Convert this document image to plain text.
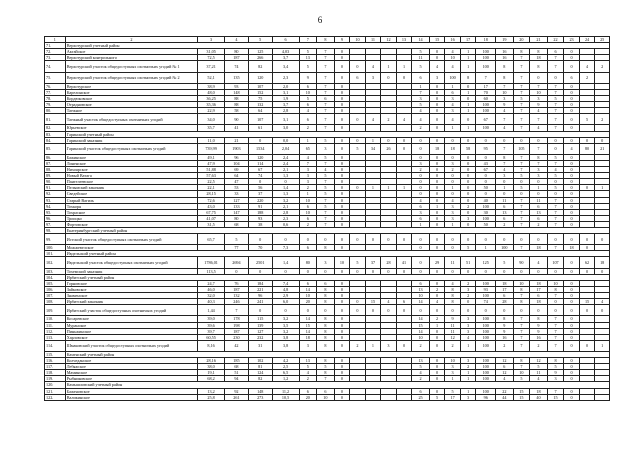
6
1	2	3	4	5	6	7	8	9	10	11	12	13	14	15	16	17	18	19	20	21	22	23	24	25
71.	Верхотурский учетный район																							
72.	Актайское	31,05	80	125	4,03	5	7	0					5	0	4	1	100	16	8	8	6	0		
73.	Верхотурский контрольного	72,5	187	266	3,7	13	7	0					11	0	10	1	100	16	7	18	7	0		
74.	Верхотурский участок общедоступных охотничьих угодий № 1	37,21	74	82	3,4	5	7	0	0	4	1	1	5	4	4	1	100	8	7	8	7	0	4	2
75.	Верхотурский участок общедоступных охотничьих угодий № 2	52,1	135	120	2,3	9	7	0	6	3	0	0	6	3	100	8	7	8	7	0	0	6	2	
76.	Верхотурское	38,9	93	107	2,0	6	7	0					1	0	1	0	17	7	7	7	7	0		
77.	Карелинское	48,0	148	152	3,1	10	7	0					7	0	6	1	70	10	7	10	7	0		
78.	Кордюковское	36,25	88	75	1,9	5	6	0					3	0	3	0	60	3	5	3	5	0		
79.	Отрадновское	35,36	88	132	3,7	6	7	0					5	0	4	1	100	9	7	9	7	0		
80.	Таежное	22,9	58	64	2,8	4	7	0					4	0	3	1	100	4	7	4	7	0		
81.	Таежный участок общедоступных охотничьих угодий	34,0	90	107	3,1	6	7	0	0	4	2	4	4	0	4	0	67	7	7	7	7	0	5	2
82.	Юрьевское	35,7	41	61	3,0	2	7	0					2	0	1	1	100	4	7	4	7	0		
83.	Гаринский учетный район																							
84.	Гаринский заказник	11,0	21	0	0,0	1	5	0	0	1	0	0	0	0	0	0	0	0	0	0	0	0	0	0
85.	Гаринский участок общедоступных охотничьих угодий	739,99	1903	1534	2,04	65	3	0	5	34	26	0	0	18	18	58	95	7	105	7	0	4	80	21
86.	Бажинское	49,1	96	120	2,4	4	5	0					0	0	0	0	0	8	7	8	5	0		
87.	Линенское	47,9	104	114	2,4	7	7	0					3	0	3	0	43	7	7	7	7	0		
88.	Нихоярское	51,88	69	67	2,1	3	4	0					2	0	2	0	67	4	7	3	4	0		
89.	Новый Ватага	57,63	64	74	1,3	3	5	0					0	0	0	0	0	3	5	3	5	0		
90.	Пантелеевское	22,5	47	0	0	3	7	0					0	0	0	0	0	0	0	0	0	0		
91.	Пелымский заказник	22,1	53	56	1,4	2	5	0	0	1	1	1	0	0	1	0	50	1	5	1	5	0	0	1
92.	Сведейское	28,15	33	37	1,3	1	5	0					0	0	0	0	0	0	0	0	0	0		
93.	Старый Вагиль	72,6	127	220	3,2	10	7	0					4	0	4	0	40	11	7	11	7	0		
94.	Тохкоря	43,0	133	91	2,1	6	5	0					6	1	3	2	100	6	7	6	7	0		
95.	Тохрасное	67,75	147	188	2,8	10	7	0					3	0	3	0	30	13	7	13	7	0		
96.	Троицко	41,07	80	93	2,3	6	7	0					6	0	3	3	100	6	7	6	7	0		
97.	Фортовское	31,5	68	38	0,6	2	7	0					1	0	1	0	50	2	7	2	7	0		
98.	Екатеринбургский учетный район																							
99.	Истский участок общедоступных охотничьих угодий	65,7	5	0	0	0	0	0	0	0	0	0	0	0	0	0	0	0	0	0	0	0	0	0
100.	Можжевелское		77	70	7,3	6	8	0					0	0	0	5	1	100	7	18	7	18	0	
101.	Ивдельский учетный район																							
102.	Ивдельский участок общедоступных охотничьих угодий	1786,01	2694	2501	1,4	80	3	10	5	37	28	41	0	29	11	51	125	5	90	4	107	0	62	18
103.	Тохемский заказник	113,5	0	0	0	0	0	0	0	0	0	0	0	0	0	0	0	0	0	0	0	0	0	0
104.	Ирбитский учетный район																							
105.	Горновское	24,7	76	184	7,4	6	6	0					6	0	4	2	100	18	10	18	10	0		
106.	Зайковское	46,0	187	221	4,8	14	8	0					13	2	8	3	93	17	8	17	8	0		
107.	Знаменское	32,0	132	96	2,9	10	8	0					10	0	8	2	100	6	7	6	7	0		
108.	Ирбитский заказник	40,3	246	241	6,0	20	8	0	0	15	4	6	14	4	8	0	74	28	8	18	0	0	15	4
109.	Ирбитский участок общедоступных охотничьих угодий	1,44	7	0	0	0	0	0	0	0	0	0	0	0	0	0	0	0	0	0	0	0	0	0
110.	Косаревское	39,0	178	115	3,2	14	8	0					14	2	9	3	100	8	7	8	7	0		
111.	Муранское	39,6	198	139	3,5	15	8	0					15	1	11	3	100	9	7	9	7	0		
112.	Пиньжинское	39,7	187	127	3,2	14	8	0					14	0	11	3	100	9	7	9	7	0		
113.	Харловское	60,55	230	232	3,8	18	8	0					10	0	12	4	100	16	7	16	7	0		
114.	Шмаковский участок общедоступных охотничьих угодий	8,16	42	31	3,8	3	8	0	2	1	3	0	2	0	2	1	100	2	7	2	7	0	0	1
115.	Каменский учетный район																							
116.	Колчеданское	28,16	185	102	4,2	13	8	0					13	0	10	3	100	12	8	12	8	0		
117.	Лебяжское	38,0	68	81	2,5	5	5	0					5	0	3	2	100	6	7	5	5	0		
118.	Маминское	19,1	51	124	6,5	4	8	0					4	0	3	1	100	12	10	11	9	0		
119.	Рыбниковское	68,2	94	82	1,2	2	7	0					2	0	1	1	100	4	5	4	3	0		
120.	Камышловский учетный район																							
121.	Баженовское	13,2	92	148	11,2	6	6	0					6	0	5	1	100	22	15	18	7	0		
122.	Валикинское	25,8	261	273	10,5	20	10	0					25	5	17	3	96	44	15	40	15	0		
